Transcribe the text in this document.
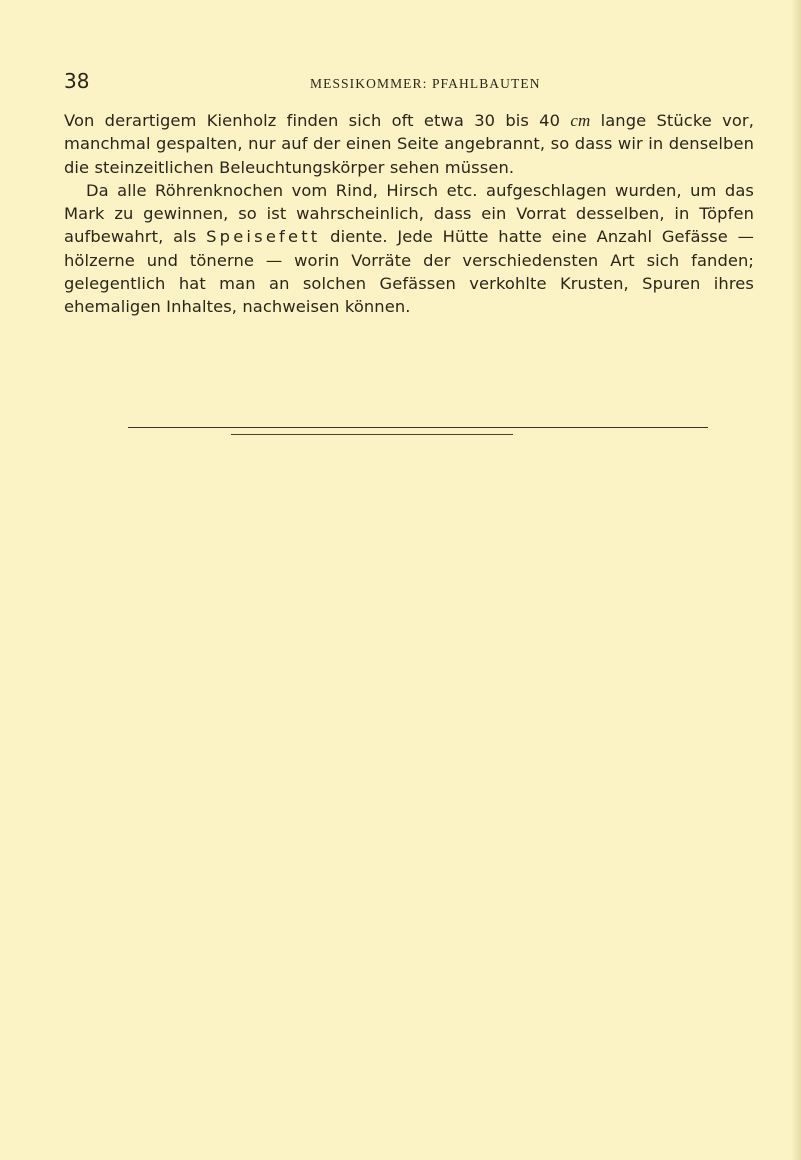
38	MESSIKOMMER: PFAHLBAUTEN

Von derartigem Kienholz finden sich oft etwa 30 bis 40 cm lange Stücke vor, manchmal gespalten, nur auf der einen Seite angebrannt, so dass wir in denselben die steinzeitlichen Beleuchtungskörper sehen müssen.

Da alle Röhrenknochen vom Rind, Hirsch etc. aufgeschlagen wurden, um das Mark zu gewinnen, so ist wahrscheinlich, dass ein Vorrat desselben, in Töpfen aufbewahrt, als Speisefett diente. Jede Hütte hatte eine Anzahl Gefässe — hölzerne und tönerne — worin Vorräte der verschiedensten Art sich fanden; gelegentlich hat man an solchen Gefässen verkohlte Krusten, Spuren ihres ehemaligen Inhaltes, nachweisen können.
